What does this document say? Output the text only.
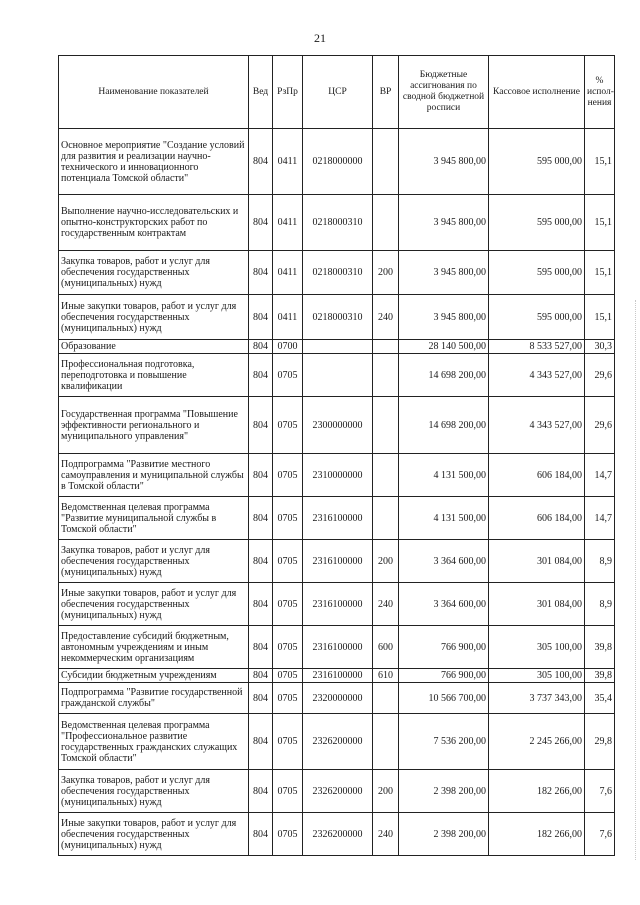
21
Наименование показателей	Вед	РзПр	ЦСР	ВР	Бюджетные ассигнования по сводной бюджетной росписи	Кассовое исполнение	% испол-нения
Основное мероприятие "Создание условий для развития и реализации научно-технического и инновационного потенциала Томской области"	804	0411	0218000000		3 945 800,00	595 000,00	15,1
Выполнение научно-исследовательских и опытно-конструкторских работ по государственным контрактам	804	0411	0218000310		3 945 800,00	595 000,00	15,1
Закупка товаров, работ и услуг для обеспечения государственных (муниципальных) нужд	804	0411	0218000310	200	3 945 800,00	595 000,00	15,1
Иные закупки товаров, работ и услуг для обеспечения государственных (муниципальных) нужд	804	0411	0218000310	240	3 945 800,00	595 000,00	15,1
Образование	804	0700			28 140 500,00	8 533 527,00	30,3
Профессиональная подготовка, переподготовка и повышение квалификации	804	0705			14 698 200,00	4 343 527,00	29,6
Государственная программа "Повышение эффективности регионального и муниципального управления"	804	0705	2300000000		14 698 200,00	4 343 527,00	29,6
Подпрограмма "Развитие местного самоуправления и муниципальной службы в Томской области"	804	0705	2310000000		4 131 500,00	606 184,00	14,7
Ведомственная целевая программа "Развитие муниципальной службы в Томской области"	804	0705	2316100000		4 131 500,00	606 184,00	14,7
Закупка товаров, работ и услуг для обеспечения государственных (муниципальных) нужд	804	0705	2316100000	200	3 364 600,00	301 084,00	8,9
Иные закупки товаров, работ и услуг для обеспечения государственных (муниципальных) нужд	804	0705	2316100000	240	3 364 600,00	301 084,00	8,9
Предоставление субсидий бюджетным, автономным учреждениям и иным некоммерческим организациям	804	0705	2316100000	600	766 900,00	305 100,00	39,8
Субсидии бюджетным учреждениям	804	0705	2316100000	610	766 900,00	305 100,00	39,8
Подпрограмма "Развитие государственной гражданской службы"	804	0705	2320000000		10 566 700,00	3 737 343,00	35,4
Ведомственная целевая программа "Профессиональное развитие государственных гражданских служащих Томской области"	804	0705	2326200000		7 536 200,00	2 245 266,00	29,8
Закупка товаров, работ и услуг для обеспечения государственных (муниципальных) нужд	804	0705	2326200000	200	2 398 200,00	182 266,00	7,6
Иные закупки товаров, работ и услуг для обеспечения государственных (муниципальных) нужд	804	0705	2326200000	240	2 398 200,00	182 266,00	7,6
